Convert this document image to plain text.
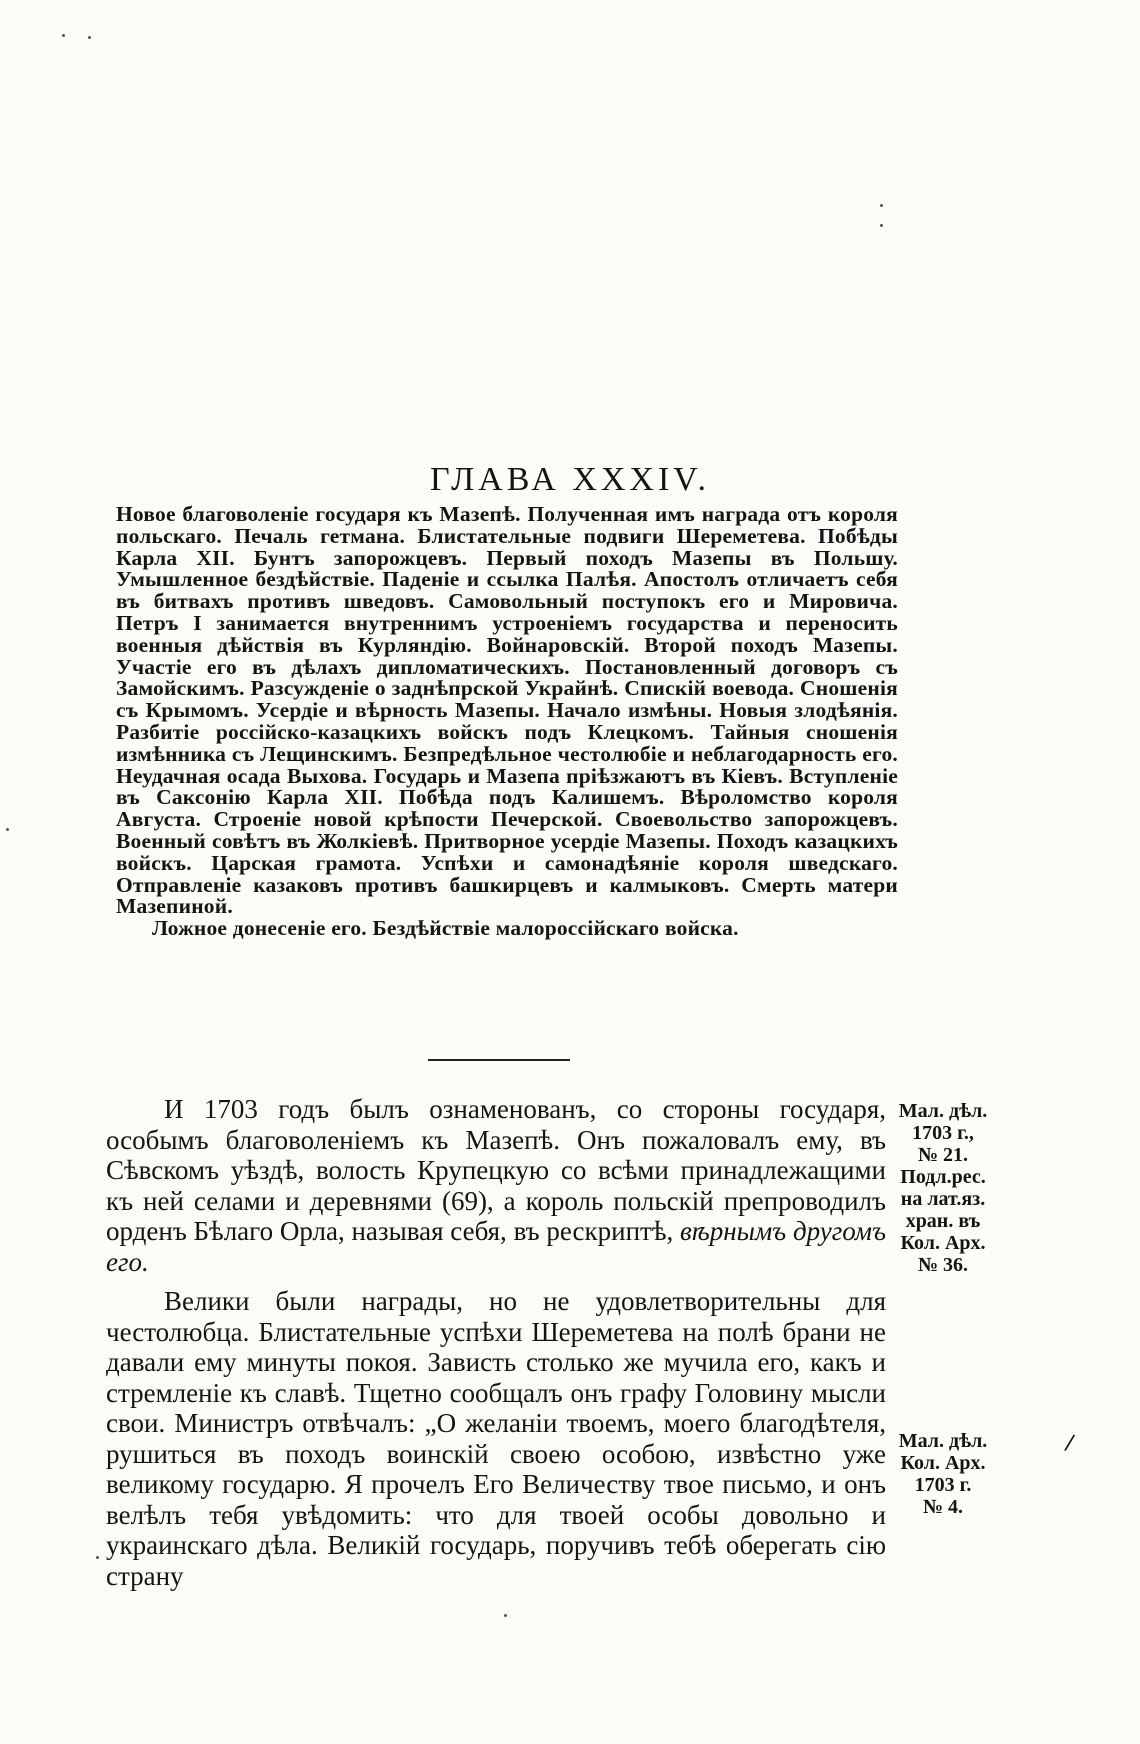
ГЛАВА XXXIV.
Новое благоволеніе государя къ Мазепѣ. Полученная имъ награда отъ короля польскаго. Печаль гетмана. Блистательные подвиги Шереметева. Побѣды Карла XII. Бунтъ запорожцевъ. Первый походъ Мазепы въ Польшу. Умышленное бездѣйствіе. Паденіе и ссылка Палѣя. Апостолъ отличаетъ себя въ битвахъ противъ шведовъ. Самовольный поступокъ его и Мировича. Петръ I занимается внутреннимъ устроеніемъ государства и переносить военныя дѣйствія въ Курляндію. Войнаровскій. Второй походъ Мазепы. Участіе его въ дѣлахъ дипломатическихъ. Постановленный договоръ съ Замойскимъ. Разсужденіе о заднѣпрской Украйнѣ. Спискій воевода. Сношенія съ Крымомъ. Усердіе и вѣрность Мазепы. Начало измѣны. Новыя злодѣянія. Разбитіе россійско-казацкихъ войскъ подъ Клецкомъ. Тайныя сношенія измѣнника съ Лещинскимъ. Безпредѣльное честолюбіе и неблагодарность его. Неудачная осада Выхова. Государь и Мазепа пріѣзжаютъ въ Кіевъ. Вступленіе въ Саксонію Карла XII. Побѣда подъ Калишемъ. Вѣроломство короля Августа. Строеніе новой крѣпости Печерской. Своевольство запорожцевъ. Военный совѣтъ въ Жолкіевѣ. Притворное усердіе Мазепы. Походъ казацкихъ войскъ. Царская грамота. Успѣхи и самонадѣяніе короля шведскаго. Отправленіе казаковъ противъ башкирцевъ и калмыковъ. Смерть матери Мазепиной.
Ложное донесеніе его. Бездѣйствіе малороссійскаго войска.

И 1703 годъ былъ ознаменованъ, со стороны государя, особымъ благоволеніемъ къ Мазепѣ. Онъ пожаловалъ ему, въ Сѣвскомъ уѣздѣ, волость Крупецкую со всѣми принадлежащими къ ней селами и деревнями (69), а король польскій препроводилъ орденъ Бѣлаго Орла, называя себя, въ рескриптѣ, вѣрнымъ другомъ его.

Велики были награды, но не удовлетворительны для честолюбца. Блистательные успѣхи Шереметева на полѣ брани не давали ему минуты покоя. Зависть столько же мучила его, какъ и стремленіе къ славѣ. Тщетно сообщалъ онъ графу Головину мысли свои. Министръ отвѣчалъ: „О желаніи твоемъ, моего благодѣтеля, рушиться въ походъ воинскій своею особою, извѣстно уже великому государю. Я прочелъ Его Величеству твое письмо, и онъ велѣлъ тебя увѣдомить: что для твоей особы довольно и украинскаго дѣла. Великій государь, поручивъ тебѣ оберегать сію страну

Мал. дѣл.
1703 г.,
№ 21.
Подл.рес.
на лат.яз.
хран. въ
Кол. Арх.
№ 36.
Мал. дѣл.
Кол. Арх.
1703 г.
№ 4.
/
